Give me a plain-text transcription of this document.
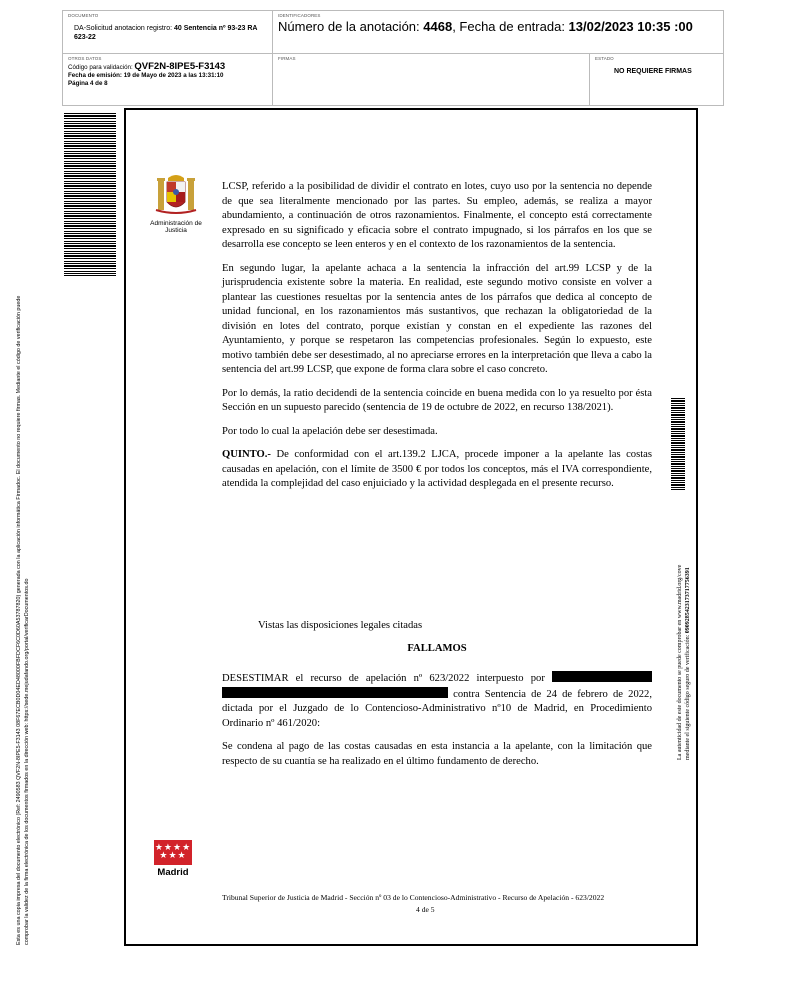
DOCUMENTO
DA-Solicitud anotacion registro: 40 Sentencia nº 93-23 RA 623-22
IDENTIFICADORES
Número de la anotación: 4468, Fecha de entrada: 13/02/2023 10:35 :00
OTROS DATOS
Código para validación: QVF2N-8IPE5-F3143
Fecha de emisión: 19 de Mayo de 2023 a las 13:31:10
Página 4 de 8
FIRMAS	ESTADO
NO REQUIERE FIRMAS
Esta es una copia impresa del documento electrónico (Ref: 2490583 QVF2N-8IPE5-F3143 08F67ECB0D04ED48000FBFDCF6C0D60A53787820) generada con la aplicación informática Firmadoc. El documento no requiere firmas. Mediante el código de verificación puede comprobar la validez de la firma electrónica de los documentos firmados en la dirección web: https://sede.mejudafando.org/portal/verificarDocumentos.do
Administración de Justicia
★★★★
★★★
Madrid

LCSP, referido a la posibilidad de dividir el contrato en lotes, cuyo uso por la sentencia no depende de que sea literalmente mencionado por las partes. Su empleo, además, se realiza a mayor abundamiento, a continuación de otros razonamientos. Finalmente, el concepto está correctamente expresado en su significado y eficacia sobre el contrato impugnado, si los párrafos en los que se desarrolla ese concepto se leen enteros y en el contexto de los razonamientos de la sentencia.

En segundo lugar, la apelante achaca a la sentencia la infracción del art.99 LCSP y de la jurisprudencia existente sobre la materia. En realidad, este segundo motivo consiste en volver a plantear las cuestiones resueltas por la sentencia antes de los párrafos que dedica al concepto de unidad funcional, en los razonamientos más sustantivos, que rechazan la obligatoriedad de la división en lotes del contrato, porque existían y constan en el expediente las razones del Ayuntamiento, y porque se respetaron las competencias profesionales. Según lo expuesto, este motivo también debe ser desestimado, al no apreciarse errores en la interpretación que lleva a cabo la sentencia del art.99 LCSP, que expone de forma clara sobre el caso concreto.

Por lo demás, la ratio decidendi de la sentencia coincide en buena medida con lo ya resuelto por ésta Sección en un supuesto parecido (sentencia de 19 de octubre de 2022, en recurso 138/2021).

Por todo lo cual la apelación debe ser desestimada.

QUINTO.- De conformidad con el art.139.2 LJCA, procede imponer a la apelante las costas causadas en apelación, con el límite de 3500 € por todos los conceptos, más el IVA correspondiente, atendida la complejidad del caso enjuiciado y la actividad desplegada en el presente recurso.

Vistas las disposiciones legales citadas
FALLAMOS

DESESTIMAR el recurso de apelación nº 623/2022 interpuesto por   contra Sentencia de 24 de febrero de 2022, dictada por el Juzgado de lo Contencioso-Administrativo nº10 de Madrid, en Procedimiento Ordinario nº 461/2020:

Se condena al pago de las costas causadas en esta instancia a la apelante, con la limitación que respecto de su cuantía se ha realizado en el último fundamento de derecho.

Tribunal Superior de Justicia de Madrid - Sección nº 03 de lo Contencioso-Administrativo - Recurso de Apelación - 623/2022
4 de 5
La autenticidad de este documento se puede comprobar en www.madrid.org/cove mediante el siguiente código seguro de verificación: 0909285423173717756391
